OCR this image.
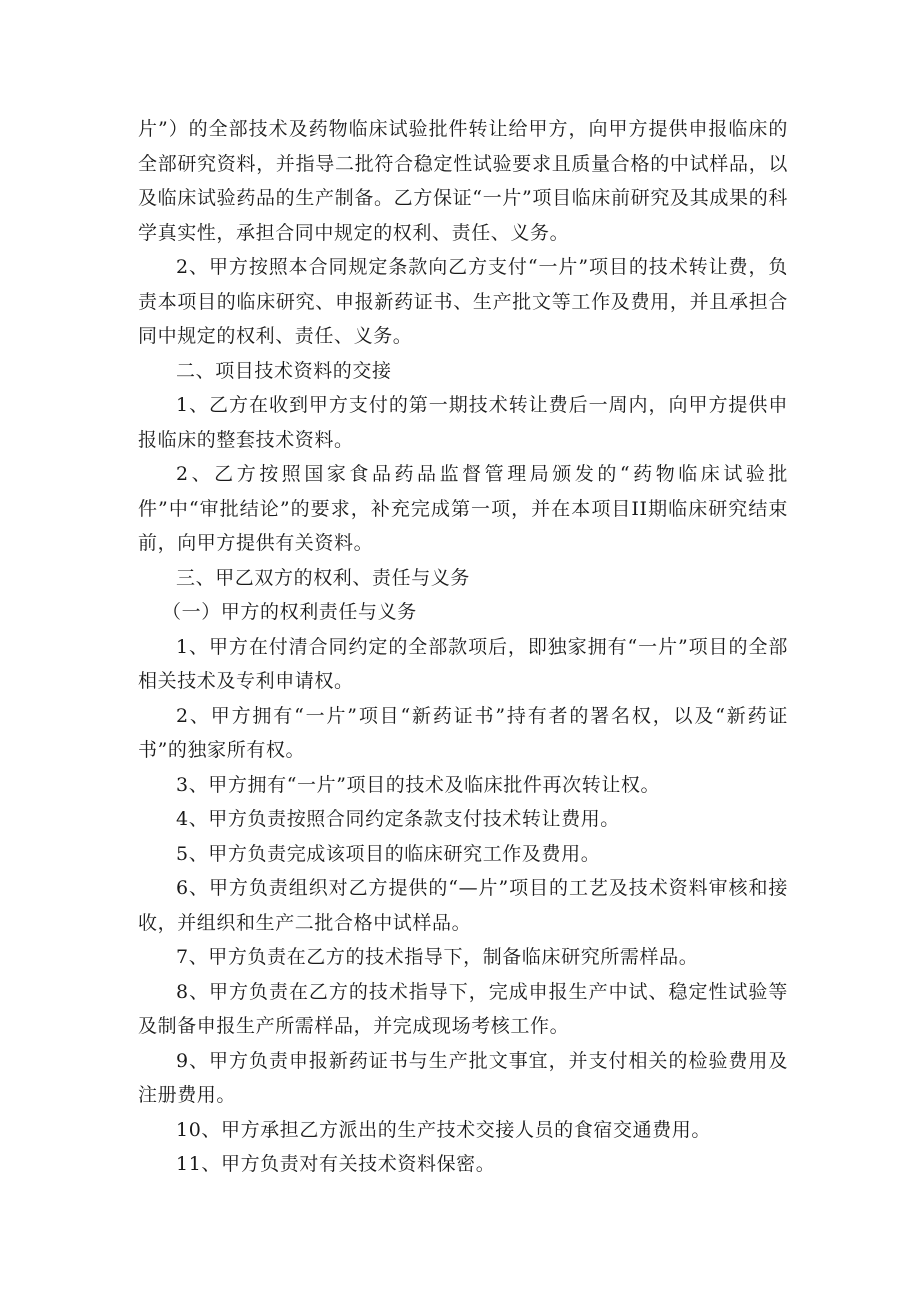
片”）的全部技术及药物临床试验批件转让给甲方，向甲方提供申报临床的全部研究资料，并指导二批符合稳定性试验要求且质量合格的中试样品，以及临床试验药品的生产制备。乙方保证“一片”项目临床前研究及其成果的科学真实性，承担合同中规定的权利、责任、义务。

2、甲方按照本合同规定条款向乙方支付“一片”项目的技术转让费，负责本项目的临床研究、申报新药证书、生产批文等工作及费用，并且承担合同中规定的权利、责任、义务。

二、项目技术资料的交接

1、乙方在收到甲方支付的第一期技术转让费后一周内，向甲方提供申报临床的整套技术资料。

2、乙方按照国家食品药品监督管理局颁发的“药物临床试验批件”中“审批结论”的要求，补充完成第一项，并在本项目II期临床研究结束前，向甲方提供有关资料。

三、甲乙双方的权利、责任与义务

（一）甲方的权利责任与义务

1、甲方在付清合同约定的全部款项后，即独家拥有“一片”项目的全部相关技术及专利申请权。

2、甲方拥有“一片”项目“新药证书”持有者的署名权，以及“新药证书”的独家所有权。

3、甲方拥有“一片”项目的技术及临床批件再次转让权。

4、甲方负责按照合同约定条款支付技术转让费用。

5、甲方负责完成该项目的临床研究工作及费用。

6、甲方负责组织对乙方提供的“—片”项目的工艺及技术资料审核和接收，并组织和生产二批合格中试样品。

7、甲方负责在乙方的技术指导下，制备临床研究所需样品。

8、甲方负责在乙方的技术指导下，完成申报生产中试、稳定性试验等及制备申报生产所需样品，并完成现场考核工作。

9、甲方负责申报新药证书与生产批文事宜，并支付相关的检验费用及注册费用。

10、甲方承担乙方派出的生产技术交接人员的食宿交通费用。

11、甲方负责对有关技术资料保密。
